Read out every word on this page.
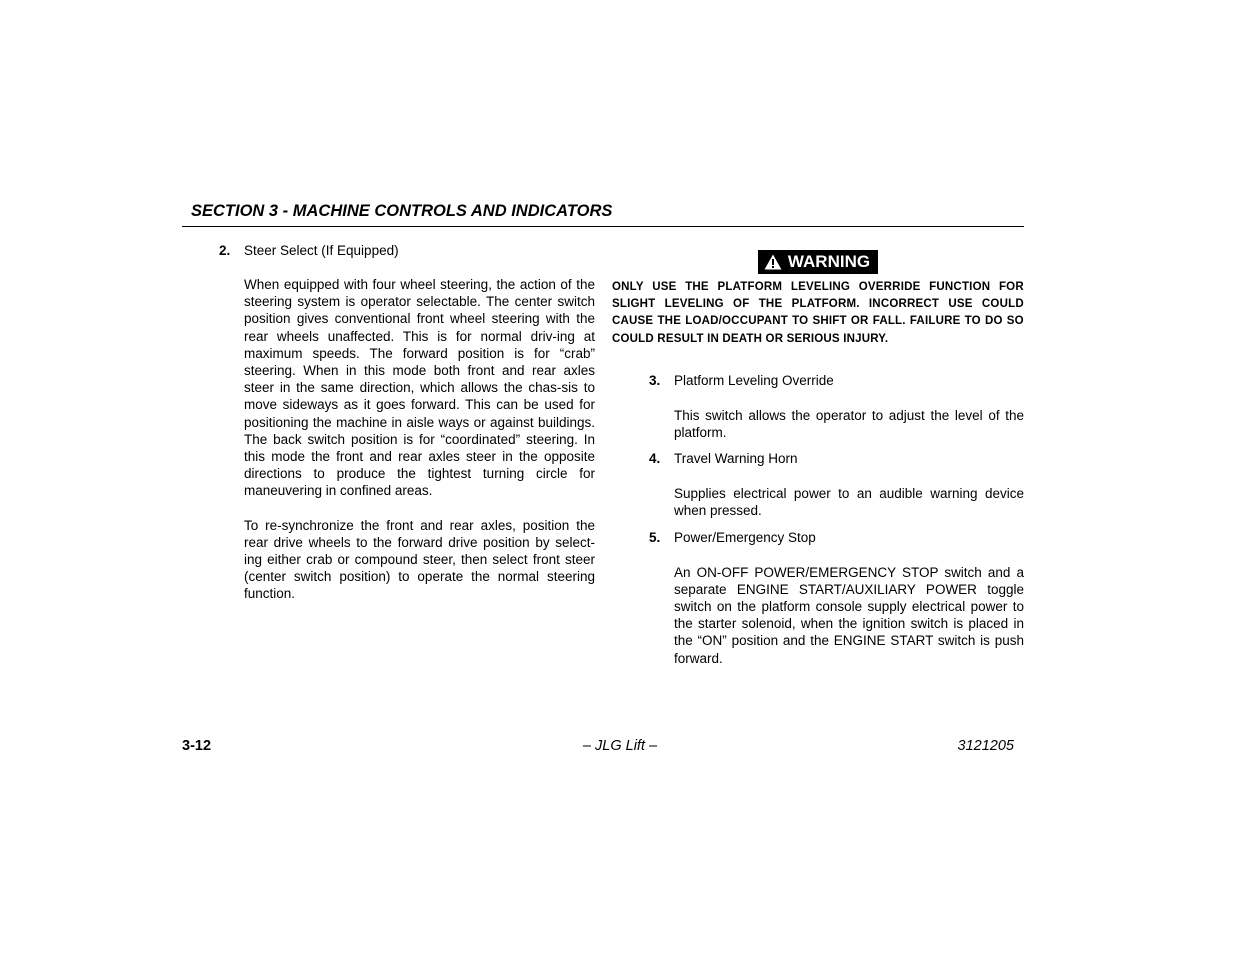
SECTION 3 - MACHINE CONTROLS AND INDICATORS
2. Steer Select (If Equipped)

When equipped with four wheel steering, the action of the steering system is operator selectable. The center switch position gives conventional front wheel steering with the rear wheels unaffected. This is for normal driv-ing at maximum speeds. The forward position is for “crab” steering. When in this mode both front and rear axles steer in the same direction, which allows the chas-sis to move sideways as it goes forward. This can be used for positioning the machine in aisle ways or against buildings. The back switch position is for “coordinated” steering. In this mode the front and rear axles steer in the opposite directions to produce the tightest turning circle for maneuvering in confined areas.

To re-synchronize the front and rear axles, position the rear drive wheels to the forward drive position by select-ing either crab or compound steer, then select front steer (center switch position) to operate the normal steering function.

WARNING
ONLY USE THE PLATFORM LEVELING OVERRIDE FUNCTION FOR SLIGHT LEVELING OF THE PLATFORM. INCORRECT USE COULD CAUSE THE LOAD/OCCUPANT TO SHIFT OR FALL. FAILURE TO DO SO COULD RESULT IN DEATH OR SERIOUS INJURY.
3. Platform Leveling Override

This switch allows the operator to adjust the level of the platform.

4. Travel Warning Horn

Supplies electrical power to an audible warning device when pressed.

5. Power/Emergency Stop

An ON-OFF POWER/EMERGENCY STOP switch and a separate ENGINE START/AUXILIARY POWER toggle switch on the platform console supply electrical power to the starter solenoid, when the ignition switch is placed in the “ON” position and the ENGINE START switch is push forward.

3-12	– JLG Lift –	3121205
